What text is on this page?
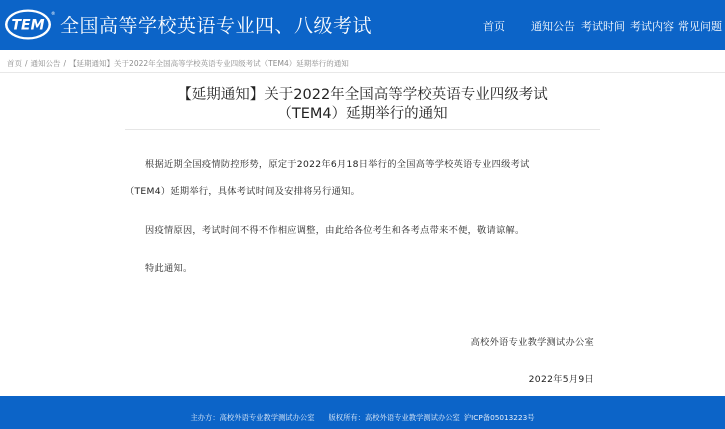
TEM
®
全国高等学校英语专业四、八级考试	首页 通知公告 考试时间 考试内容 常见问题
首页 / 通知公告 / 【延期通知】关于2022年全国高等学校英语专业四级考试（TEM4）延期举行的通知
【延期通知】关于2022年全国高等学校英语专业四级考试
（TEM4）延期举行的通知
根据近期全国疫情防控形势，原定于2022年6月18日举行的全国高等学校英语专业四级考试
（TEM4）延期举行，具体考试时间及安排将另行通知。
因疫情原因，考试时间不得不作相应调整，由此给各位考生和各考点带来不便，敬请谅解。
特此通知。
高校外语专业教学测试办公室
2022年5月9日
主办方：高校外语专业教学测试办公室 版权所有：高校外语专业教学测试办公室 沪ICP备05013223号
